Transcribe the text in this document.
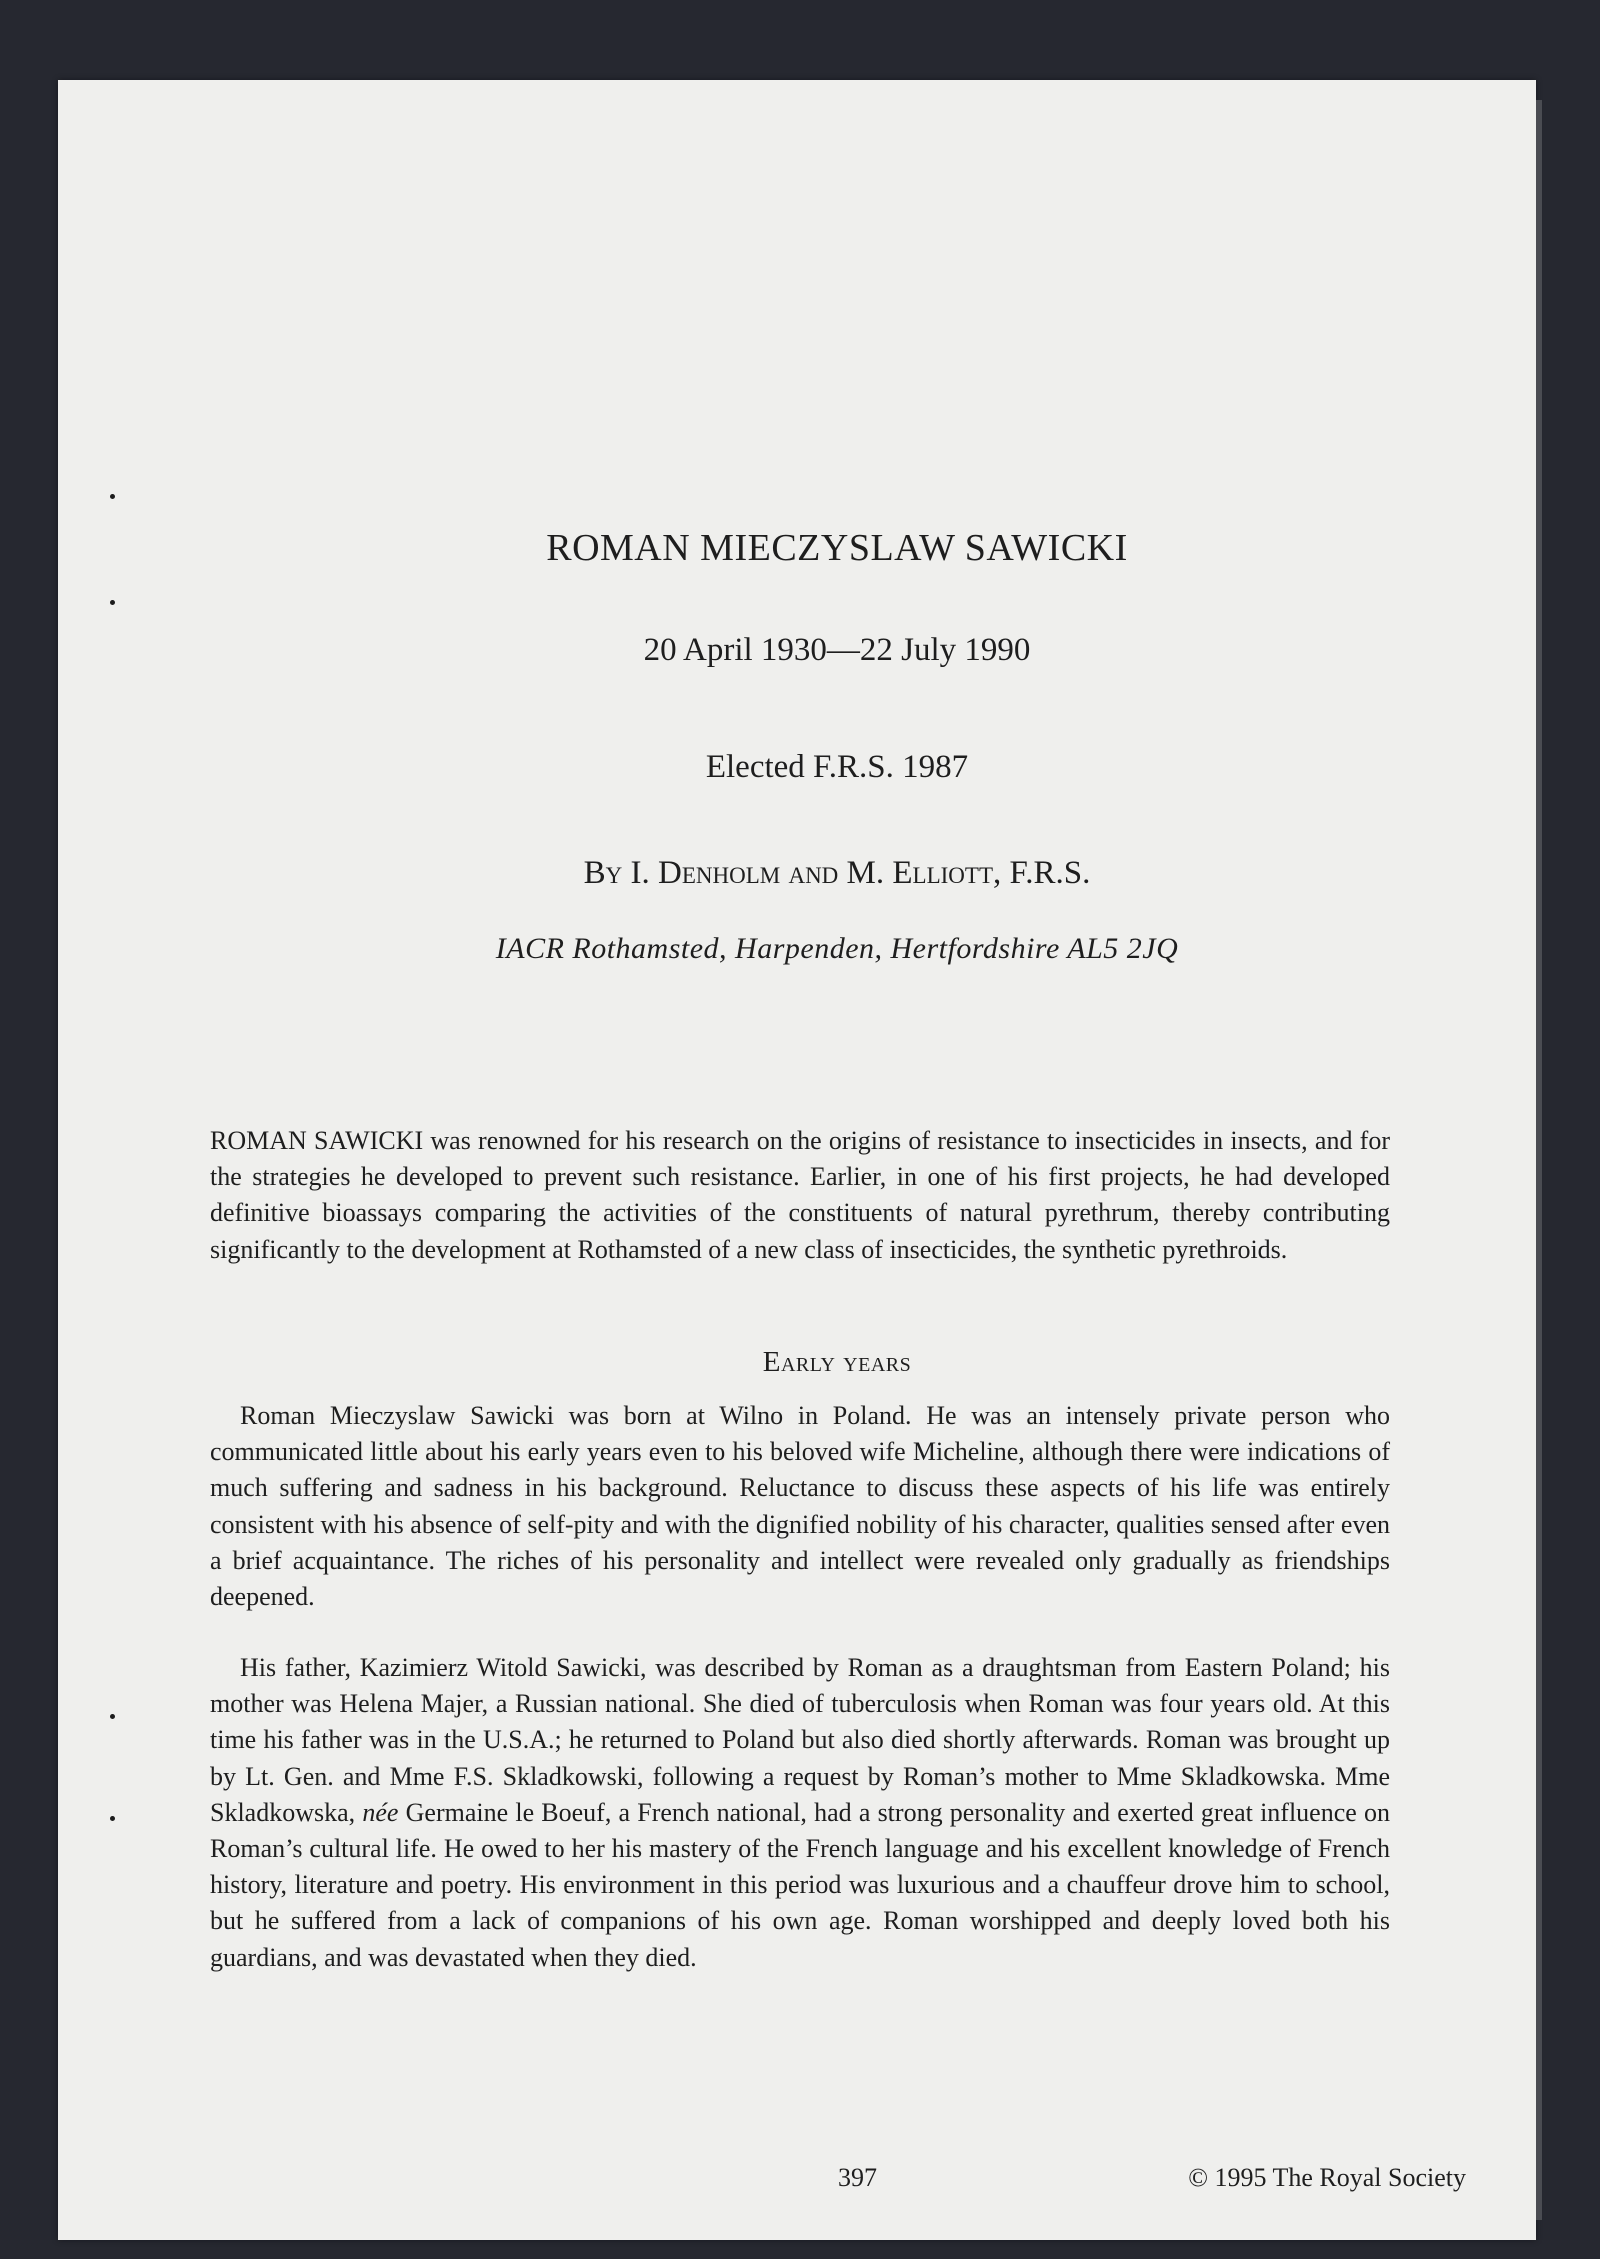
ROMAN MIECZYSLAW SAWICKI
20 April 1930—22 July 1990
Elected F.R.S. 1987
By I. Denholm and M. Elliott, F.R.S.
IACR Rothamsted, Harpenden, Hertfordshire AL5 2JQ

ROMAN SAWICKI was renowned for his research on the origins of resistance to insecticides in insects, and for the strategies he developed to prevent such resistance. Earlier, in one of his first projects, he had developed definitive bioassays comparing the activities of the constituents of natural pyrethrum, thereby contributing significantly to the development at Rothamsted of a new class of insecticides, the synthetic pyrethroids.

Early years

Roman Mieczyslaw Sawicki was born at Wilno in Poland. He was an intensely private person who communicated little about his early years even to his beloved wife Micheline, although there were indications of much suffering and sadness in his background. Reluctance to discuss these aspects of his life was entirely consistent with his absence of self-pity and with the dignified nobility of his character, qualities sensed after even a brief acquaintance. The riches of his personality and intellect were revealed only gradually as friendships deepened.

His father, Kazimierz Witold Sawicki, was described by Roman as a draughtsman from Eastern Poland; his mother was Helena Majer, a Russian national. She died of tuberculosis when Roman was four years old. At this time his father was in the U.S.A.; he returned to Poland but also died shortly afterwards. Roman was brought up by Lt. Gen. and Mme F.S. Skladkowski, following a request by Roman’s mother to Mme Skladkowska. Mme Skladkowska, née Germaine le Boeuf, a French national, had a strong personality and exerted great influence on Roman’s cultural life. He owed to her his mastery of the French language and his excellent knowledge of French history, literature and poetry. His environment in this period was luxurious and a chauffeur drove him to school, but he suffered from a lack of companions of his own age. Roman worshipped and deeply loved both his guardians, and was devastated when they died.

397	© 1995 The Royal Society
